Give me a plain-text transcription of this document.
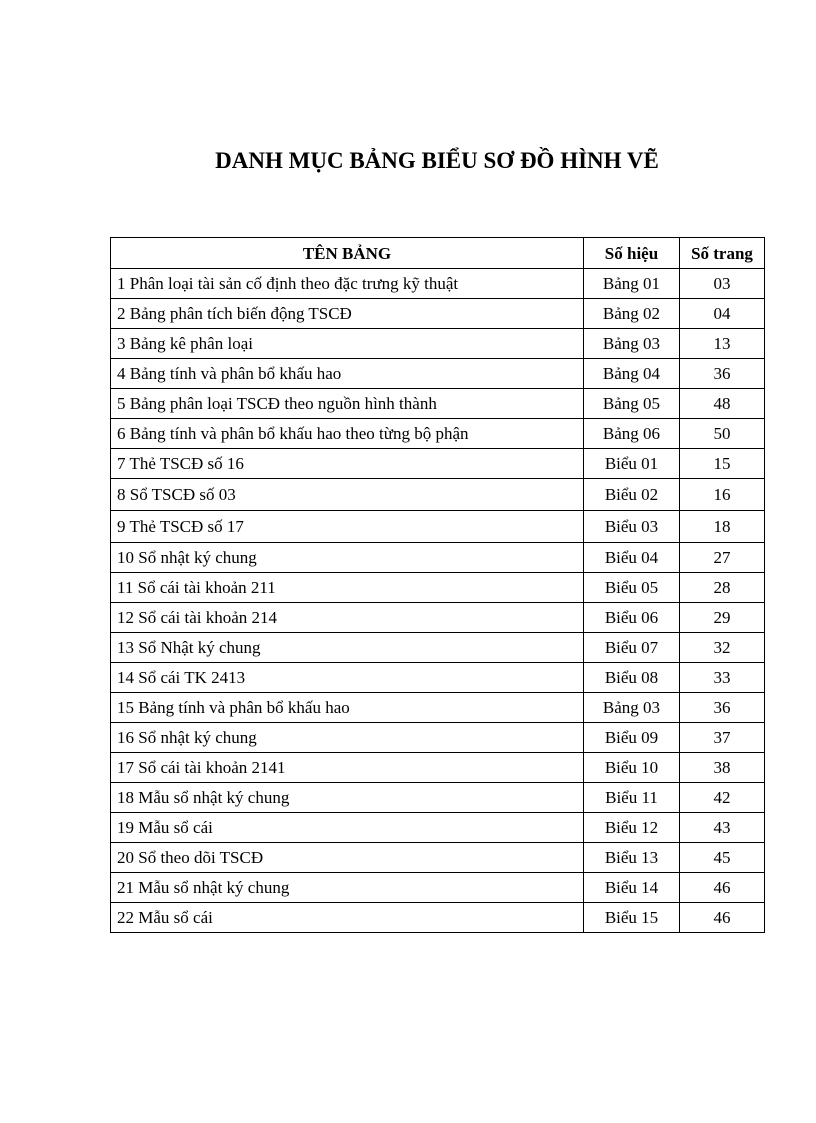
DANH MỤC BẢNG BIỂU SƠ ĐỒ HÌNH VẼ
TÊN BẢNG	Số hiệu	Số trang
1 Phân loại tài sản cố định theo đặc trưng kỹ thuật	Bảng 01	03
2 Bảng phân tích biến động TSCĐ	Bảng 02	04
3 Bảng kê phân loại	Bảng 03	13
4 Bảng tính và phân bổ khấu hao	Bảng 04	36
5 Bảng phân loại TSCĐ theo nguồn hình thành	Bảng 05	48
6 Bảng tính và phân bổ khấu hao theo từng bộ phận	Bảng 06	50
7 Thẻ TSCĐ số 16	Biểu 01	15
8 Sổ TSCĐ số 03	Biểu 02	16
9 Thẻ TSCĐ số 17	Biểu 03	18
10 Sổ nhật ký chung	Biểu 04	27
11 Sổ cái tài khoản 211	Biểu 05	28
12 Sổ cái tài khoản 214	Biểu 06	29
13 Sổ Nhật ký chung	Biểu 07	32
14 Sổ cái TK 2413	Biểu 08	33
15 Bảng tính và phân bổ khấu hao	Bảng 03	36
16 Sổ nhật ký chung	Biểu 09	37
17 Sổ cái tài khoản 2141	Biểu 10	38
18 Mẫu sổ nhật ký chung	Biểu 11	42
19 Mẫu sổ cái	Biểu 12	43
20 Sổ theo dõi TSCĐ	Biểu 13	45
21 Mẫu sổ nhật ký chung	Biểu 14	46
22 Mẫu sổ cái	Biểu 15	46
